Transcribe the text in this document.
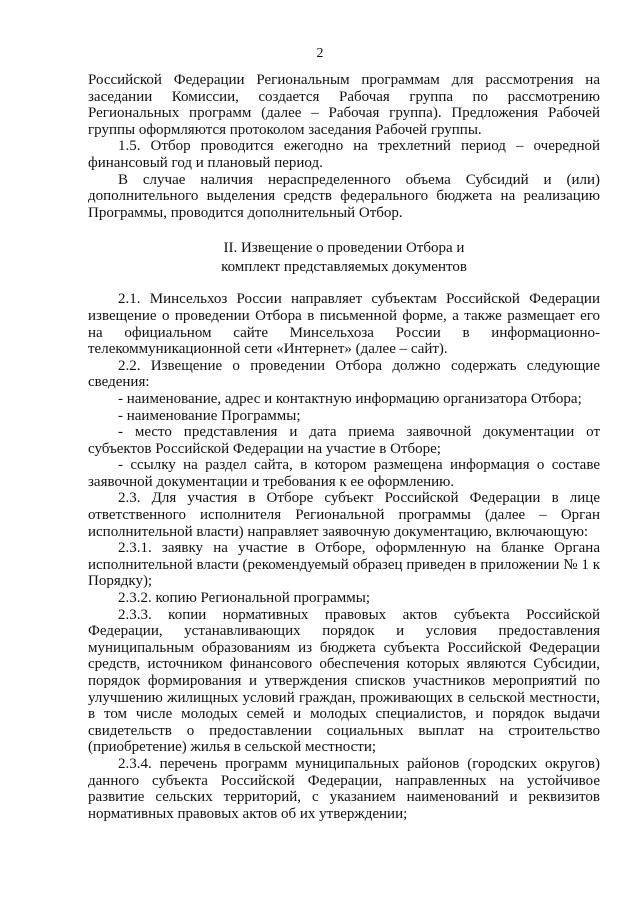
2

Российской Федерации Региональным программам для рассмотрения на заседании Комиссии, создается Рабочая группа по рассмотрению Региональных программ (далее – Рабочая группа). Предложения Рабочей группы оформляются протоколом заседания Рабочей группы.

1.5. Отбор проводится ежегодно на трехлетний период – очередной финансовый год и плановый период.

В случае наличия нераспределенного объема Субсидий и (или) дополнительного выделения средств федерального бюджета на реализацию Программы, проводится дополнительный Отбор.

II. Извещение о проведении Отбора и
комплект представляемых документов

2.1. Минсельхоз России направляет субъектам Российской Федерации извещение о проведении Отбора в письменной форме, а также размещает его на официальном сайте Минсельхоза России в информационно-телекоммуникационной сети «Интернет» (далее – сайт).

2.2. Извещение о проведении Отбора должно содержать следующие сведения:

- наименование, адрес и контактную информацию организатора Отбора;

- наименование Программы;

- место представления и дата приема заявочной документации от субъектов Российской Федерации на участие в Отборе;

- ссылку на раздел сайта, в котором размещена информация о составе заявочной документации и требования к ее оформлению.

2.3. Для участия в Отборе субъект Российской Федерации в лице ответственного исполнителя Региональной программы (далее – Орган исполнительной власти) направляет заявочную документацию, включающую:

2.3.1. заявку на участие в Отборе, оформленную на бланке Органа исполнительной власти (рекомендуемый образец приведен в приложении № 1 к Порядку);

2.3.2. копию Региональной программы;

2.3.3. копии нормативных правовых актов субъекта Российской Федерации, устанавливающих порядок и условия предоставления муниципальным образованиям из бюджета субъекта Российской Федерации средств, источником финансового обеспечения которых являются Субсидии, порядок формирования и утверждения списков участников мероприятий по улучшению жилищных условий граждан, проживающих в сельской местности, в том числе молодых семей и молодых специалистов, и порядок выдачи свидетельств о предоставлении социальных выплат на строительство (приобретение) жилья в сельской местности;

2.3.4. перечень программ муниципальных районов (городских округов) данного субъекта Российской Федерации, направленных на устойчивое развитие сельских территорий, с указанием наименований и реквизитов нормативных правовых актов об их утверждении;
